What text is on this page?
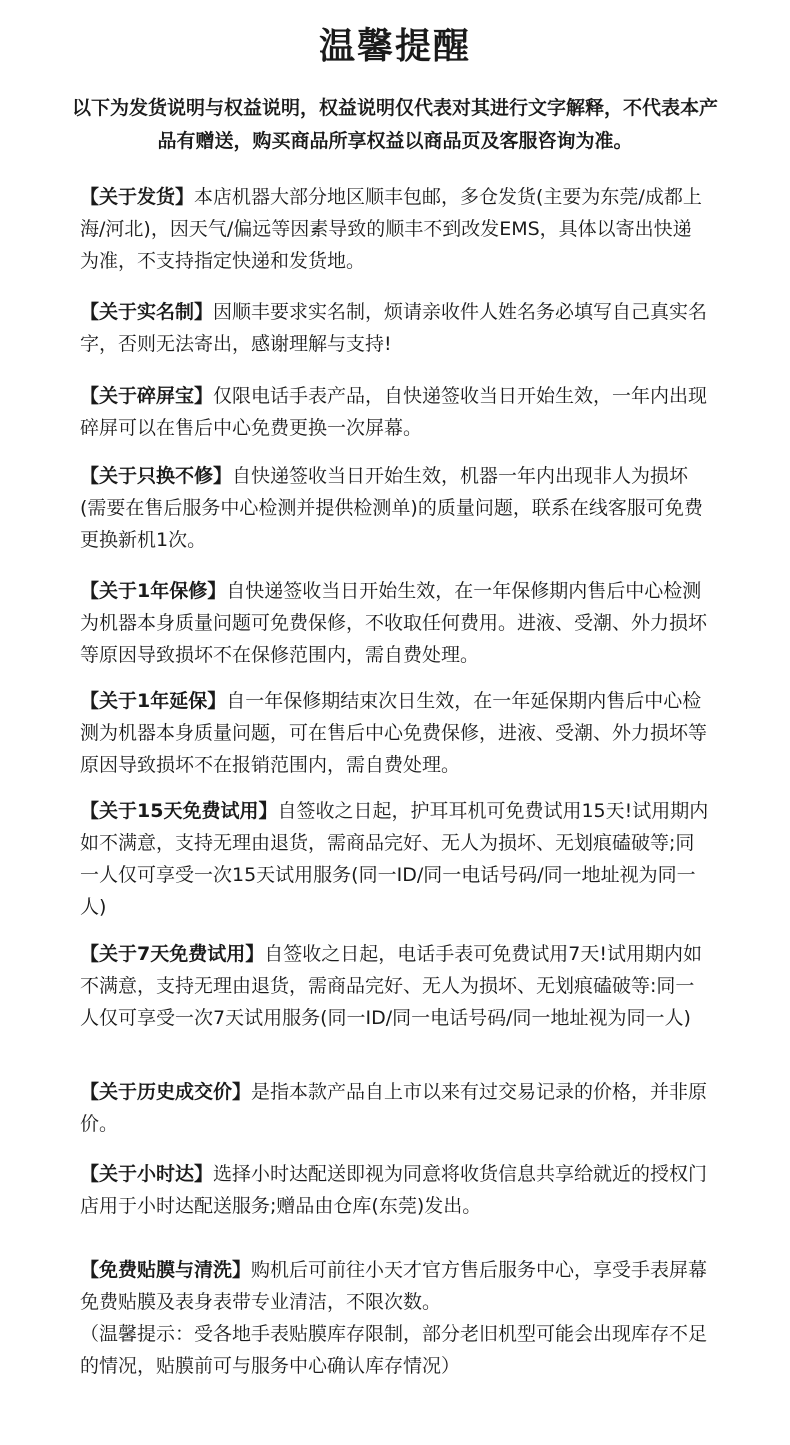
温馨提醒
以下为发货说明与权益说明，权益说明仅代表对其进行文字解释，不代表本产品有赠送，购买商品所享权益以商品页及客服咨询为准。
【关于发货】本店机器大部分地区顺丰包邮，多仓发货(主要为东莞/成都上海/河北)，因天气/偏远等因素导致的顺丰不到改发EMS，具体以寄出快递为准，不支持指定快递和发货地。
【关于实名制】因顺丰要求实名制，烦请亲收件人姓名务必填写自己真实名字，否则无法寄出，感谢理解与支持!
【关于碎屏宝】仅限电话手表产品，自快递签收当日开始生效，一年内出现碎屏可以在售后中心免费更换一次屏幕。
【关于只换不修】自快递签收当日开始生效，机器一年内出现非人为损坏(需要在售后服务中心检测并提供检测单)的质量问题，联系在线客服可免费更换新机1次。
【关于1年保修】自快递签收当日开始生效，在一年保修期内售后中心检测为机器本身质量问题可免费保修，不收取任何费用。进液、受潮、外力损坏等原因导致损坏不在保修范围内，需自费处理。
【关于1年延保】自一年保修期结束次日生效，在一年延保期内售后中心检测为机器本身质量问题，可在售后中心免费保修，进液、受潮、外力损坏等原因导致损坏不在报销范围内，需自费处理。
【关于15天免费试用】自签收之日起，护耳耳机可免费试用15天!试用期内如不满意，支持无理由退货，需商品完好、无人为损坏、无划痕磕破等;同一人仅可享受一次15天试用服务(同一ID/同一电话号码/同一地址视为同一人)
【关于7天免费试用】自签收之日起，电话手表可免费试用7天!试用期内如不满意，支持无理由退货，需商品完好、无人为损坏、无划痕磕破等:同一人仅可享受一次7天试用服务(同一ID/同一电话号码/同一地址视为同一人)
【关于历史成交价】是指本款产品自上市以来有过交易记录的价格，并非原价。
【关于小时达】选择小时达配送即视为同意将收货信息共享给就近的授权门店用于小时达配送服务;赠品由仓库(东莞)发出。
【免费贴膜与清洗】购机后可前往小天才官方售后服务中心，享受手表屏幕免费贴膜及表身表带专业清洁，不限次数。
（温馨提示：受各地手表贴膜库存限制，部分老旧机型可能会出现库存不足的情况，贴膜前可与服务中心确认库存情况）
